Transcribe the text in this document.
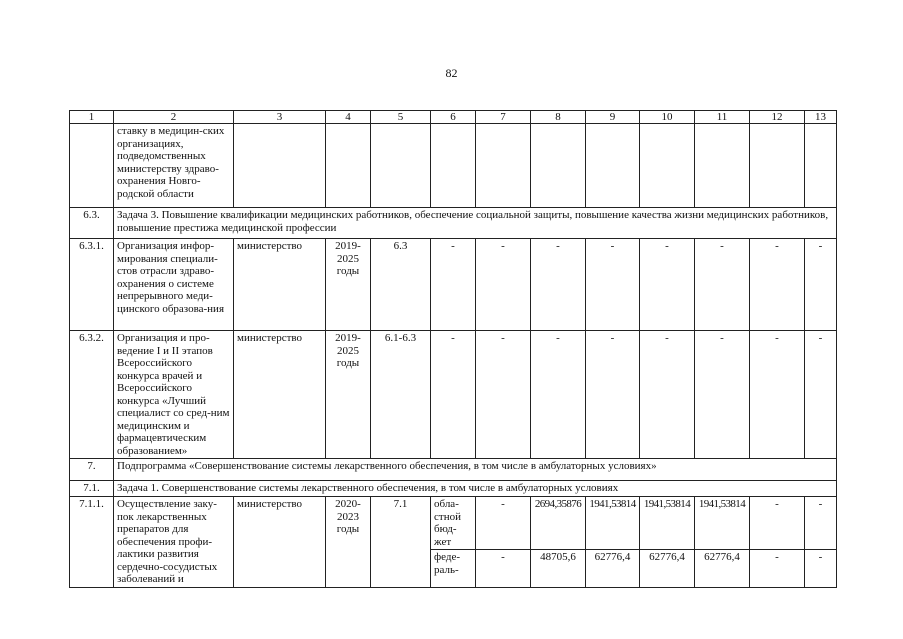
82
1	2	3	4	5	6	7	8	9	10	11	12	13
	ставку в медицин-ских организациях, подведомственных министерству здраво-охранения Новго-родской области											
6.3.	Задача 3. Повышение квалификации медицинских работников, обеспечение социальной защиты, повышение качества жизни медицинских работников, повышение престижа медицинской профессии											
6.3.1.	Организация инфор-мирования специали-стов отрасли здраво-охранения о системе непрерывного меди-цинского образова-ния	министерство	2019-2025 годы	6.3	-	-	-	-	-	-	-	-
6.3.2.	Организация и про-ведение I и II этапов Всероссийского конкурса врачей и Всероссийского конкурса «Лучший специалист со сред-ним медицинским и фармацевтическим образованием»	министерство	2019-2025 годы	6.1-6.3	-	-	-	-	-	-	-	-
7.	Подпрограмма «Совершенствование системы лекарственного обеспечения, в том числе в амбулаторных условиях»											
7.1.	Задача 1. Совершенствование системы лекарственного обеспечения, в том числе в амбулаторных условиях											
7.1.1.	Осуществление заку-пок лекарственных препаратов для обеспечения профи-лактики развития сердечно-сосудистых заболеваний и	министерство	2020-2023 годы	7.1	обла-стной бюд-жет	-	2694,35876	1941,53814	1941,53814	1941,53814	-	-
					феде-раль-	-	48705,6	62776,4	62776,4	62776,4	-	-
